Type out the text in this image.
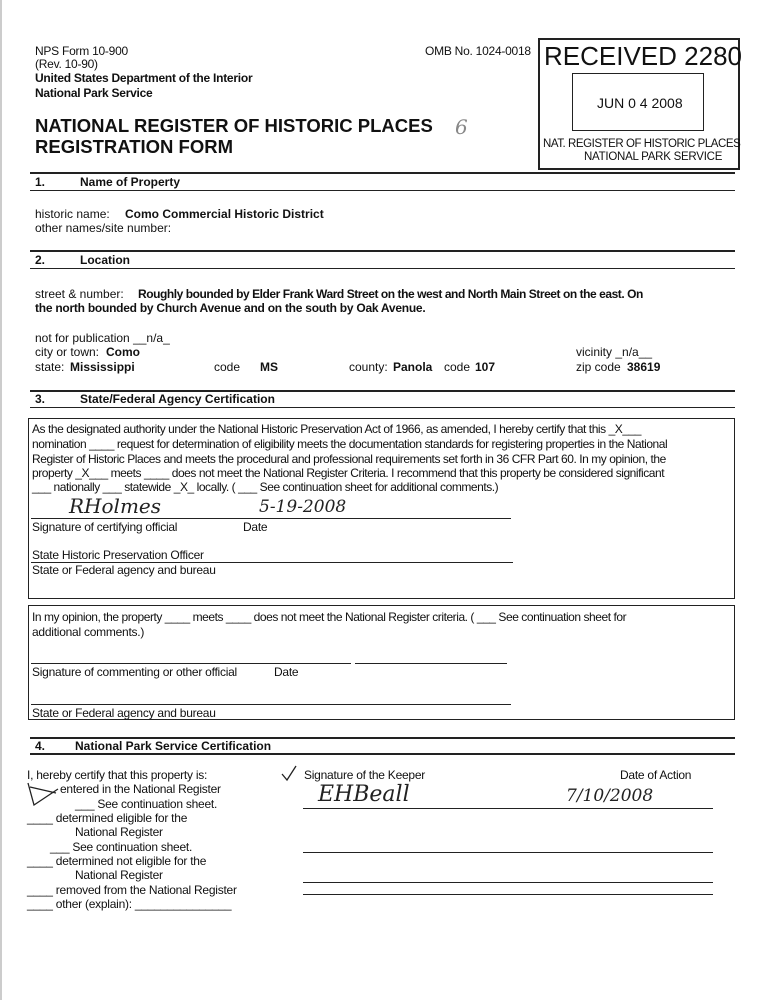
NPS Form 10-900
(Rev. 10-90)
United States Department of the Interior
National Park Service
NATIONAL REGISTER OF HISTORIC PLACES
REGISTRATION FORM
OMB No. 1024-0018
6
RECEIVED 2280
JUN 0 4 2008
NAT. REGISTER OF HISTORIC PLACES
NATIONAL PARK SERVICE
1.	Name of Property
historic name: Como Commercial Historic District
other names/site number:
2.	Location
street & number: Roughly bounded by Elder Frank Ward Street on the west and North Main Street on the east. On
the north bounded by Church Avenue and on the south by Oak Avenue.
not for publication __n/a_
city or town: Como	vicinity _n/a__
state: Mississippi	code MS	county: Panola code 107	zip code 38619
3.	State/Federal Agency Certification
As the designated authority under the National Historic Preservation Act of 1966, as amended, I hereby certify that this _X___
nomination ____ request for determination of eligibility meets the documentation standards for registering properties in the National
Register of Historic Places and meets the procedural and professional requirements set forth in 36 CFR Part 60. In my opinion, the
property _X___ meets ____ does not meet the National Register Criteria. I recommend that this property be considered significant
___ nationally ___ statewide _X_ locally. ( ___ See continuation sheet for additional comments.)
RHolmes	5-19-2008
Signature of certifying official	Date
State Historic Preservation Officer
State or Federal agency and bureau
In my opinion, the property ____ meets ____ does not meet the National Register criteria. ( ___ See continuation sheet for
additional comments.)
Signature of commenting or other official	Date
State or Federal agency and bureau
4. National Park Service Certification
I, hereby certify that this property is:
entered in the National Register
___ See continuation sheet.
____ determined eligible for the
National Register
___ See continuation sheet.
____ determined not eligible for the
National Register
____ removed from the National Register
____ other (explain): _______________
Signature of the Keeper	Date of Action
EHBeall	7/10/2008
